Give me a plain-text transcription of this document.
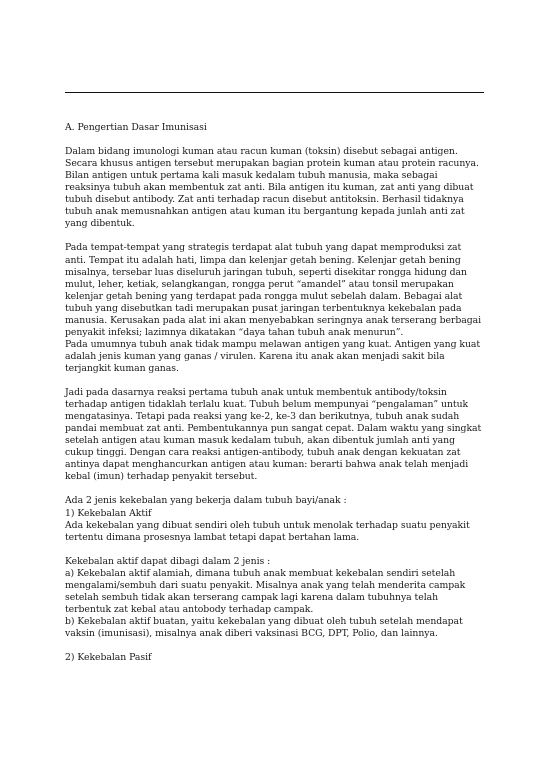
A. Pengertian Dasar Imunisasi

Dalam bidang imunologi kuman atau racun kuman (toksin) disebut sebagai antigen.
Secara khusus antigen tersebut merupakan bagian protein kuman atau protein racunya.
Bilan antigen untuk pertama kali masuk kedalam tubuh manusia, maka sebagai
reaksinya tubuh akan membentuk zat anti. Bila antigen itu kuman, zat anti yang dibuat
tubuh disebut antibody. Zat anti terhadap racun disebut antitoksin. Berhasil tidaknya
tubuh anak memusnahkan antigen atau kuman itu bergantung kepada junlah anti zat
yang dibentuk.

Pada tempat-tempat yang strategis terdapat alat tubuh yang dapat memproduksi zat
anti. Tempat itu adalah hati, limpa dan kelenjar getah bening. Kelenjar getah bening
misalnya, tersebar luas diseluruh jaringan tubuh, seperti disekitar rongga hidung dan
mulut, leher, ketiak, selangkangan, rongga perut “amandel” atau tonsil merupakan
kelenjar getah bening yang terdapat pada rongga mulut sebelah dalam. Bebagai alat
tubuh yang disebutkan tadi merupakan pusat jaringan terbentuknya kekebalan pada
manusia. Kerusakan pada alat ini akan menyebabkan seringnya anak terserang berbagai
penyakit infeksi; lazimnya dikatakan “daya tahan tubuh anak menurun”.
Pada umumnya tubuh anak tidak mampu melawan antigen yang kuat. Antigen yang kuat
adalah jenis kuman yang ganas / virulen. Karena itu anak akan menjadi sakit bila
terjangkit kuman ganas.

Jadi pada dasarnya reaksi pertama tubuh anak untuk membentuk antibody/toksin
terhadap antigen tidaklah terlalu kuat. Tubuh belum mempunyai “pengalaman” untuk
mengatasinya. Tetapi pada reaksi yang ke-2, ke-3 dan berikutnya, tubuh anak sudah
pandai membuat zat anti. Pembentukannya pun sangat cepat. Dalam waktu yang singkat
setelah antigen atau kuman masuk kedalam tubuh, akan dibentuk jumlah anti yang
cukup tinggi. Dengan cara reaksi antigen-antibody, tubuh anak dengan kekuatan zat
antinya dapat menghancurkan antigen atau kuman: berarti bahwa anak telah menjadi
kebal (imun) terhadap penyakit tersebut.

Ada 2 jenis kekebalan yang bekerja dalam tubuh bayi/anak :
1) Kekebalan Aktif
Ada kekebalan yang dibuat sendiri oleh tubuh untuk menolak terhadap suatu penyakit
tertentu dimana prosesnya lambat tetapi dapat bertahan lama.

Kekebalan aktif dapat dibagi dalam 2 jenis :
a) Kekebalan aktif alamiah, dimana tubuh anak membuat kekebalan sendiri setelah
mengalami/sembuh dari suatu penyakit. Misalnya anak yang telah menderita campak
setelah sembuh tidak akan terserang campak lagi karena dalam tubuhnya telah
terbentuk zat kebal atau antobody terhadap campak.
b) Kekebalan aktif buatan, yaitu kekebalan yang dibuat oleh tubuh setelah mendapat
vaksin (imunisasi), misalnya anak diberi vaksinasi BCG, DPT, Polio, dan lainnya.

2) Kekebalan Pasif
